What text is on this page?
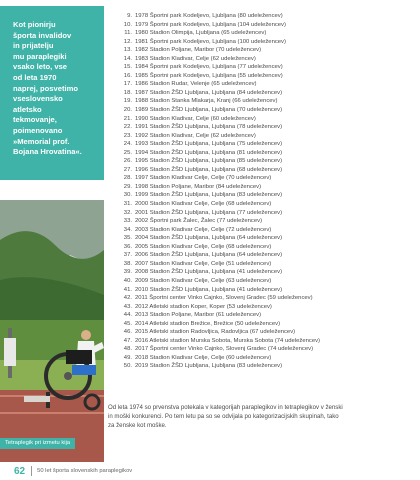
Kot pionirju
športa invalidov
in prijatelju
mu paraplegiki
vsako leto, vse
od leta 1970
naprej, posvetimo
vseslovensko
atletsko
tekmovanje,
poimenovano
»Memorial prof.
Bojana Hrovatina«.
Tetraplegik pri izmetu kija
9. 1978 Športni park Kodeljevo, Ljubljana (80 udeležencev)
10. 1979 Športni park Kodeljevo, Ljubljana (104 udeležencev)
11. 1980 Stadion Olimpija, Ljubljana (65 udeležencev)
12. 1981 Športni park Kodeljevo, Ljubljana (100 udeležencev)
13. 1982 Stadion Poljane, Maribor (70 udeležencev)
14. 1983 Stadion Kladivar, Celje (62 udeležencev)
15. 1984 Športni park Kodeljevo, Ljubljana (77 udeležencev)
16. 1985 Športni park Kodeljevo, Ljubljana (55 udeležencev)
17. 1986 Stadion Rudar, Velenje (65 udeležencev)
18. 1987 Stadion ŽŠD Ljubljana, Ljubljana (84 udeležencev)
19. 1988 Stadion Stanka Mlakarja, Kranj (66 udeležencev)
20. 1989 Stadion ŽŠD Ljubljana, Ljubljana (70 udeležencev)
21. 1990 Stadion Kladivar, Celje (60 udeležencev)
22. 1991 Stadion ŽŠD Ljubljana, Ljubljana (78 udeležencev)
23. 1992 Stadion Kladivar, Celje (62 udeležencev)
24. 1993 Stadion ŽŠD Ljubljana, Ljubljana (75 udeležencev)
25. 1994 Stadion ŽŠD Ljubljana, Ljubljana (81 udeležencev)
26. 1995 Stadion ŽŠD Ljubljana, Ljubljana (85 udeležencev)
27. 1996 Stadion ŽŠD Ljubljana, Ljubljana (68 udeležencev)
28. 1997 Stadion Kladivar Celje, Celje (70 udeležencev)
29. 1998 Stadion Poljane, Maribor (84 udeležencev)
30. 1999 Stadion ŽŠD Ljubljana, Ljubljana (83 udeležencev)
31. 2000 Stadion Kladivar Celje, Celje (68 udeležencev)
32. 2001 Stadion ŽŠD Ljubljana, Ljubljana (77 udeležencev)
33. 2002 Športni park Žalec, Žalec (77 udeležencev)
34. 2003 Stadion Kladivar Celje, Celje (72 udeležencev)
35. 2004 Stadion ŽŠD Ljubljana, Ljubljana (64 udeležencev)
36. 2005 Stadion Kladivar Celje, Celje (68 udeležencev)
37. 2006 Stadion ŽŠD Ljubljana, Ljubljana (64 udeležencev)
38. 2007 Stadion Kladivar Celje, Celje (51 udeležencev)
39. 2008 Stadion ŽŠD Ljubljana, Ljubljana (41 udeležencev)
40. 2009 Stadion Kladivar Celje, Celje (63 udeležencev)
41. 2010 Stadion ŽŠD Ljubljana, Ljubljana (41 udeležencev)
42. 2011 Športni center Vinko Cajnko, Slovenj Gradec (59 udeležencev)
43. 2012 Atletski stadion Koper, Koper (53 udeležencev)
44. 2013 Stadion Poljane, Maribor (61 udeležencev)
45. 2014 Atletski stadion Brežice, Brežice (50 udeležencev)
46. 2015 Atletski stadion Radovljica, Radovljica (67 udeležencev)
47. 2016 Atletski stadion Murska Sobota, Murska Sobota (74 udeležencev)
48. 2017 Športni center Vinko Cajnko, Slovenj Gradec (74 udeležencev)
49. 2018 Stadion Kladivar Celje, Celje (60 udeležencev)
50. 2019 Stadion ŽŠD Ljubljana, Ljubljana (83 udeležencev)
Od leta 1974 so prvenstva potekala v kategorijah paraplegikov in tetraplegikov v ženski
in moški konkurenci. Po tem letu pa so se odvijala po kategorizacijskih skupinah, tako
za ženske kot moške.
62 50 let športa slovenskih paraplegikov
